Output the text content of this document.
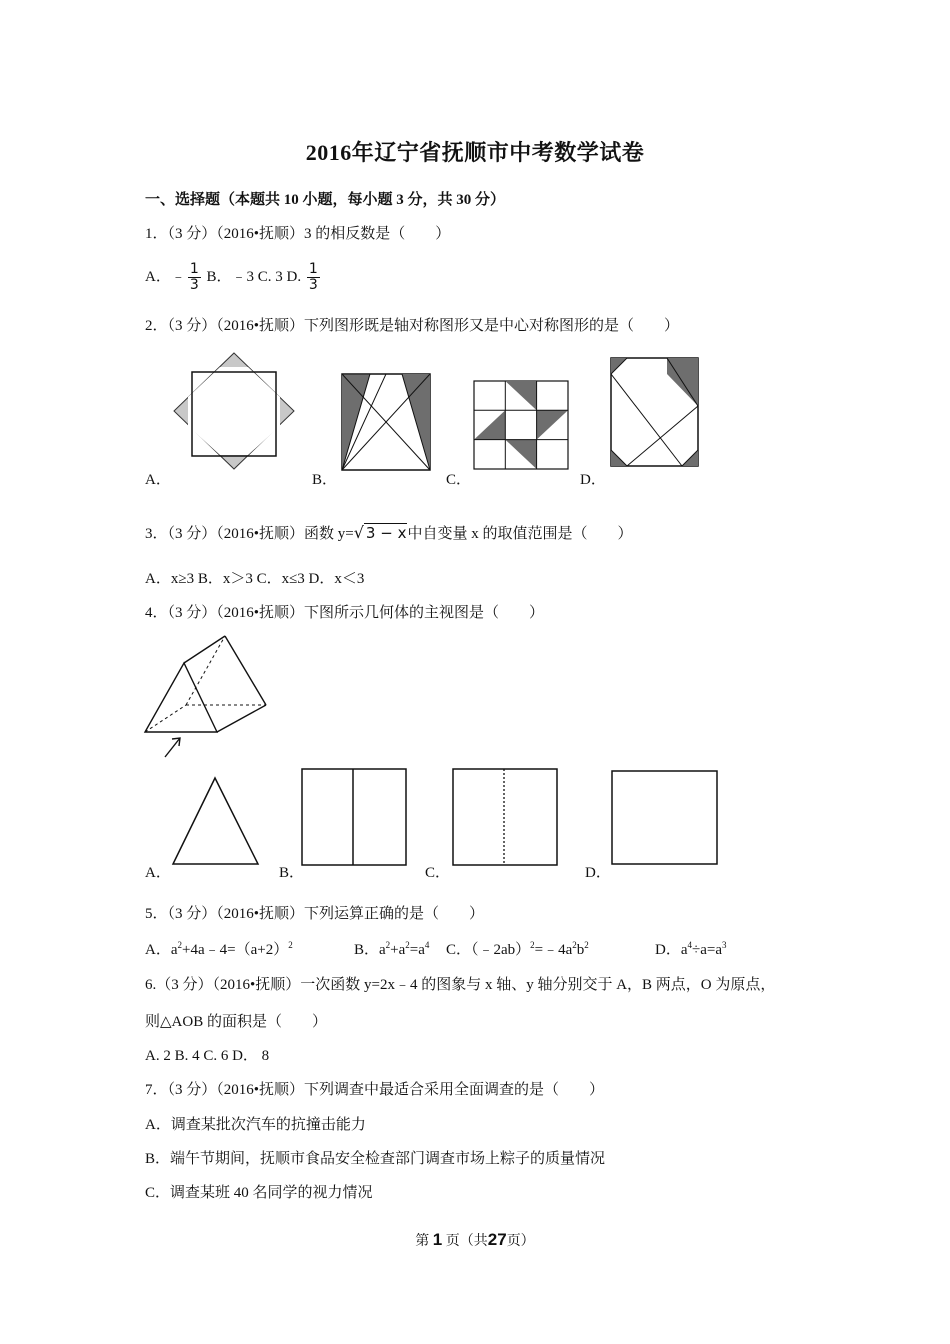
2016年辽宁省抚顺市中考数学试卷
一、选择题（本题共 10 小题，每小题 3 分，共 30 分）
1．（3 分）（2016•抚顺）3 的相反数是（　　）
A．﹣ $\frac{1}{3}$ B．﹣3 C. 3 D. $\frac{1}{3}$
2．（3 分）（2016•抚顺）下列图形既是轴对称图形又是中心对称图形的是（　　）
A．	B．	C．	D．
3．（3 分）（2016•抚顺）函数 y=√ 3 − x中自变量 x 的取值范围是（　　）
A．x≥3 B．x＞3 C．x≤3 D．x＜3
4．（3 分）（2016•抚顺）下图所示几何体的主视图是（　　）
A．	B．	C．	D．
5．（3 分）（2016•抚顺）下列运算正确的是（　　）
A．$a^2+4a﹣4=(a+2)^2$	B．$a^2+a^2=a^4$ C．$(﹣2ab)^2=﹣4a^2b^2$	D．$a^4\div a=a^3$
6.（3 分）（2016•抚顺）一次函数 y=2x﹣4 的图象与 x 轴、y 轴分别交于 A，B 两点，O 为原点，
则△AOB 的面积是（　　）
A. 2 B. 4 C. 6 D． 8
7．（3 分）（2016•抚顺）下列调查中最适合采用全面调查的是（　　）
A．调查某批次汽车的抗撞击能力
B．端午节期间，抚顺市食品安全检查部门调查市场上粽子的质量情况
C．调查某班 40 名同学的视力情况
第 1 页（共27页）
